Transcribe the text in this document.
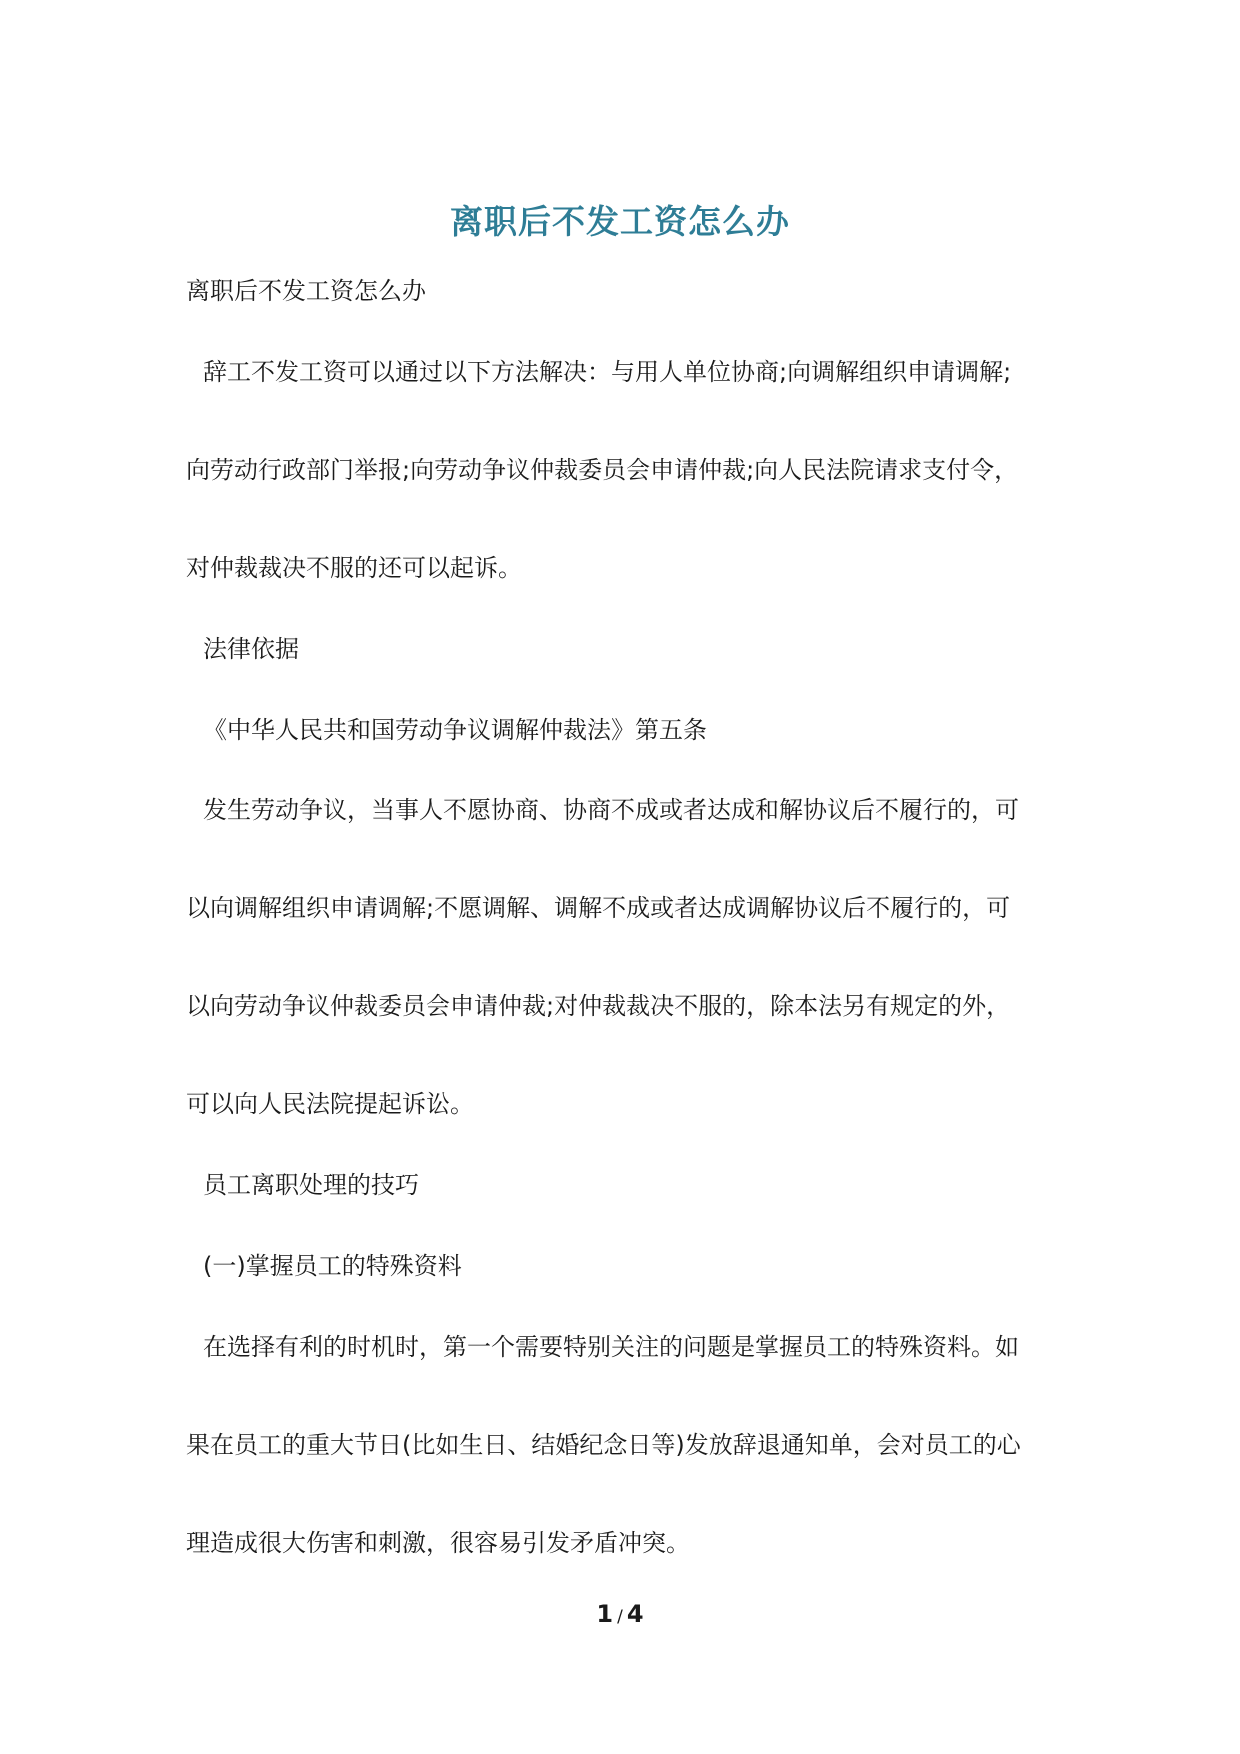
离职后不发工资怎么办
离职后不发工资怎么办
辞工不发工资可以通过以下方法解决：与用人单位协商;向调解组织申请调解;
向劳动行政部门举报;向劳动争议仲裁委员会申请仲裁;向人民法院请求支付令，
对仲裁裁决不服的还可以起诉。
法律依据
《中华人民共和国劳动争议调解仲裁法》第五条
发生劳动争议，当事人不愿协商、协商不成或者达成和解协议后不履行的，可
以向调解组织申请调解;不愿调解、调解不成或者达成调解协议后不履行的，可
以向劳动争议仲裁委员会申请仲裁;对仲裁裁决不服的，除本法另有规定的外，
可以向人民法院提起诉讼。
员工离职处理的技巧
(一)掌握员工的特殊资料
在选择有利的时机时，第一个需要特别关注的问题是掌握员工的特殊资料。如
果在员工的重大节日(比如生日、结婚纪念日等)发放辞退通知单，会对员工的心
理造成很大伤害和刺激，很容易引发矛盾冲突。
1 / 4
